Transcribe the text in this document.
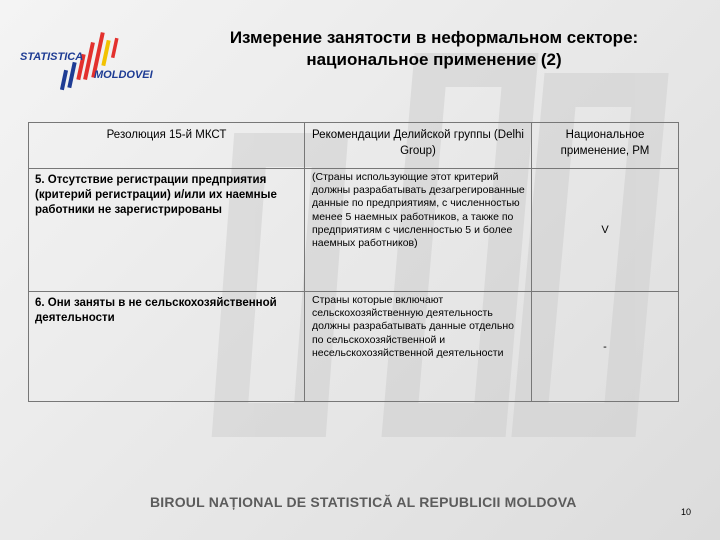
STATISTICA
MOLDOVEI
Измерение занятости в неформальном секторе:
национальное применение (2)
Резолюция 15-й МКСТ	Рекомендации Делийской группы (Delhi Group)	Национальное применение, РМ
5. Отсутствие регистрации предприятия (критерий регистрации) и/или их наемные работники не зарегистрированы	(Страны использующие этот критерий должны разрабатывать дезагрегированные данные по предприятиям, с численностью менее 5 наемных работников, а также по предприятиям с численностью 5 и более наемных работников)	V
6. Они заняты в не сельскохозяйственной деятельности	Страны которые включают сельскохозяйственную деятельность должны разрабатывать данные отдельно по сельскохозяйственной и несельскохозяйственной деятельности	-
BIROUL NAȚIONAL DE STATISTICĂ AL REPUBLICII MOLDOVA
10
